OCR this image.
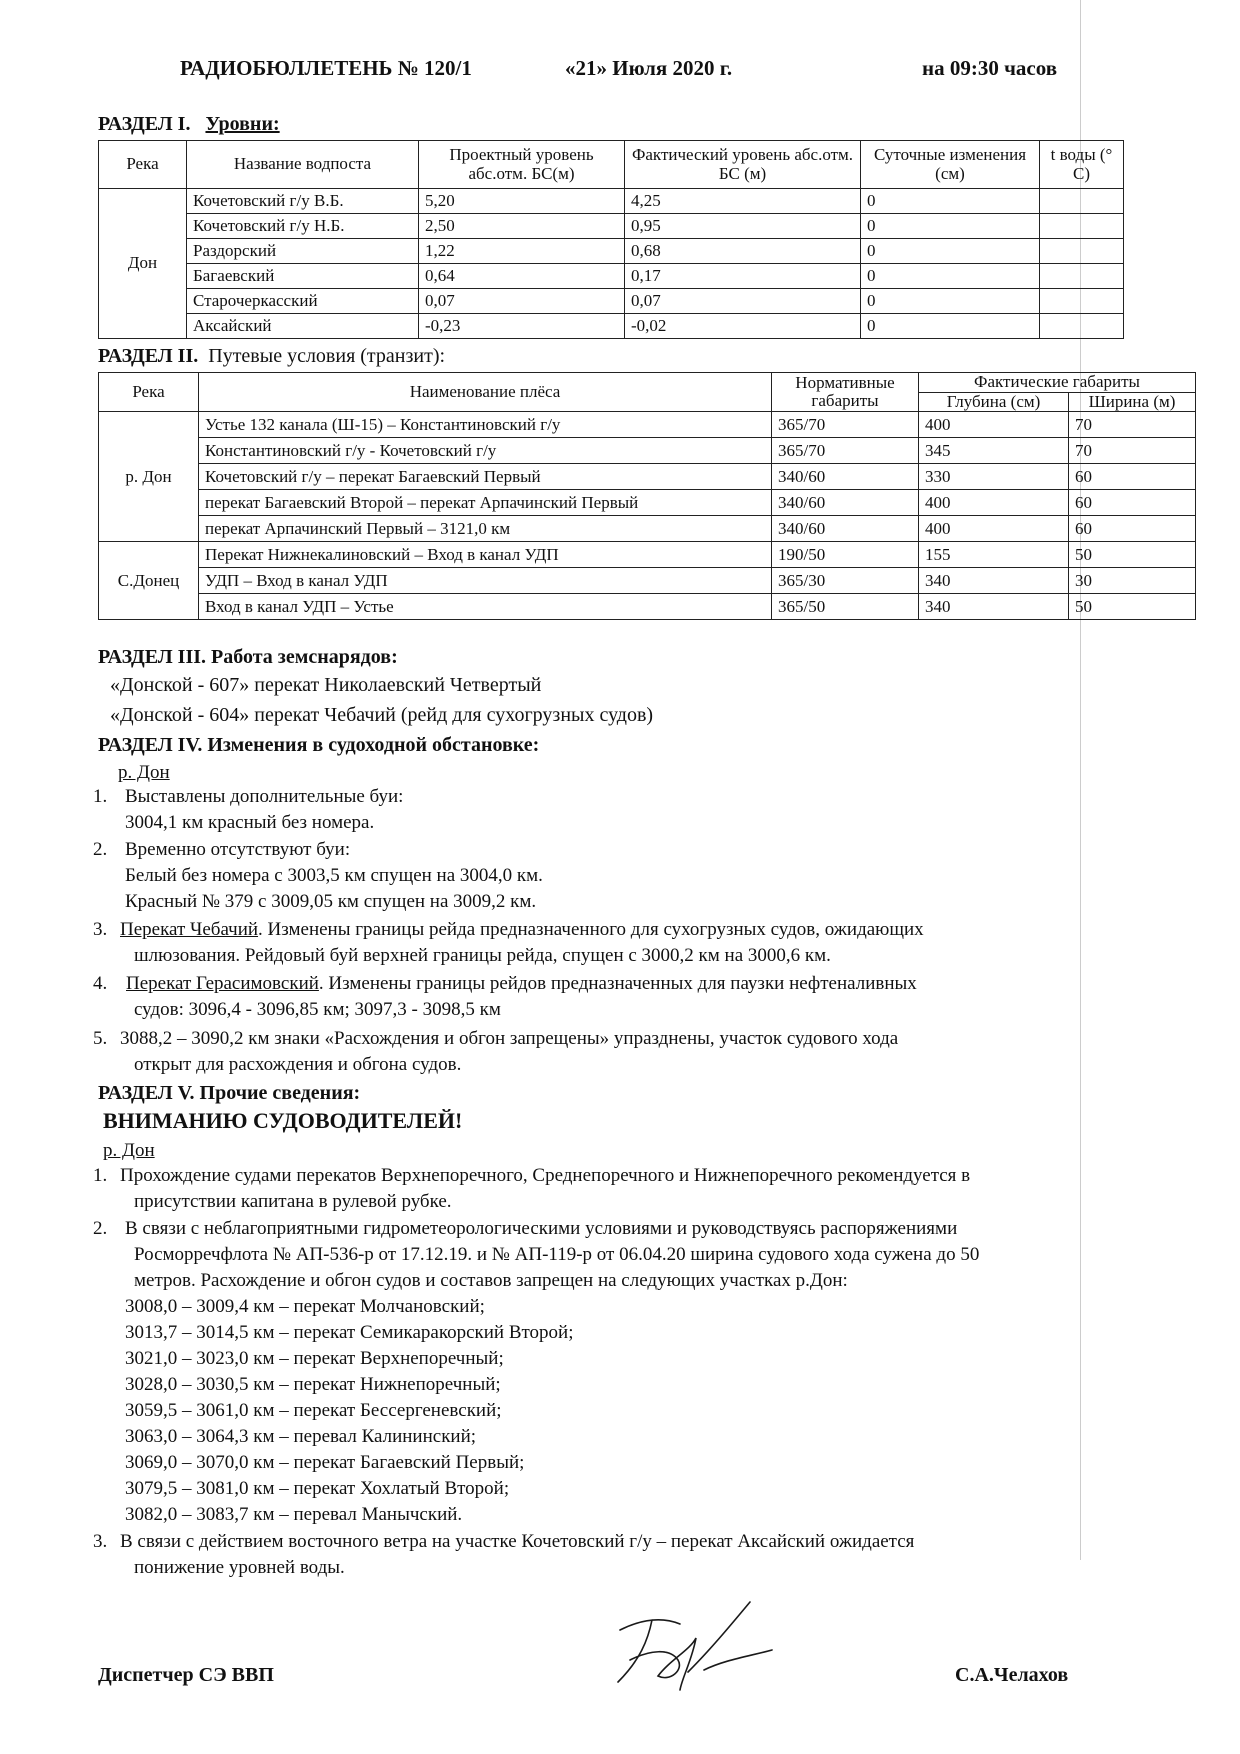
РАДИОБЮЛЛЕТЕНЬ № 120/1	«21» Июля 2020 г.	на 09:30 часов
РАЗДЕЛ I. Уровни:
Река	Название водпоста	Проектный уровень абс.отм. БС(м)	Фактический уровень абс.отм. БС (м)	Суточные изменения (см)	t воды (° С)
Дон	Кочетовский г/у В.Б.	5,20	4,25	0	
	Кочетовский г/у Н.Б.	2,50	0,95	0	
	Раздорский	1,22	0,68	0	
	Багаевский	0,64	0,17	0	
	Старочеркасский	0,07	0,07	0	
	Аксайский	-0,23	-0,02	0	
РАЗДЕЛ II. Путевые условия (транзит):
Река	Наименование плёса	Нормативные габариты	Фактические габариты	
			Глубина (см)	Ширина (м)
р. Дон	Устье 132 канала (Ш-15) – Константиновский г/у	365/70	400	70
	Константиновский г/у - Кочетовский г/у	365/70	345	70
	Кочетовский г/у – перекат Багаевский Первый	340/60	330	60
	перекат Багаевский Второй – перекат Арпачинский Первый	340/60	400	60
	перекат Арпачинский Первый – 3121,0 км	340/60	400	60
С.Донец	Перекат Нижнекалиновский – Вход в канал УДП	190/50	155	50
	УДП – Вход в канал УДП	365/30	340	30
	Вход в канал УДП – Устье	365/50	340	50
РАЗДЕЛ III. Работа земснарядов:
«Донской - 607» перекат Николаевский Четвертый
«Донской - 604» перекат Чебачий (рейд для сухогрузных судов)
РАЗДЕЛ IV. Изменения в судоходной обстановке:
р. Дон
1. Выставлены дополнительные буи:
3004,1 км красный без номера.
2. Временно отсутствуют буи:
Белый без номера с 3003,5 км спущен на 3004,0 км.
Красный № 379 с 3009,05 км спущен на 3009,2 км.
3. Перекат Чебачий. Изменены границы рейда предназначенного для сухогрузных судов, ожидающих
шлюзования. Рейдовый буй верхней границы рейда, спущен с 3000,2 км на 3000,6 км.
4. Перекат Герасимовский. Изменены границы рейдов предназначенных для паузки нефтеналивных
судов: 3096,4 - 3096,85 км; 3097,3 - 3098,5 км
5. 3088,2 – 3090,2 км знаки «Расхождения и обгон запрещены» упразднены, участок судового хода
открыт для расхождения и обгона судов.
РАЗДЕЛ V. Прочие сведения:
ВНИМАНИЮ СУДОВОДИТЕЛЕЙ!
р. Дон
1. Прохождение судами перекатов Верхнепоречного, Среднепоречного и Нижнепоречного рекомендуется в
присутствии капитана в рулевой рубке.
2. В связи с неблагоприятными гидрометеорологическими условиями и руководствуясь распоряжениями
Росморречфлота № АП-536-р от 17.12.19. и № АП-119-р от 06.04.20 ширина судового хода сужена до 50
метров. Расхождение и обгон судов и составов запрещен на следующих участках р.Дон:
3008,0 – 3009,4 км – перекат Молчановский;
3013,7 – 3014,5 км – перекат Семикаракорский Второй;
3021,0 – 3023,0 км – перекат Верхнепоречный;
3028,0 – 3030,5 км – перекат Нижнепоречный;
3059,5 – 3061,0 км – перекат Бессергеневский;
3063,0 – 3064,3 км – перевал Калининский;
3069,0 – 3070,0 км – перекат Багаевский Первый;
3079,5 – 3081,0 км – перекат Хохлатый Второй;
3082,0 – 3083,7 км – перевал Манычский.
3. В связи с действием восточного ветра на участке Кочетовский г/у – перекат Аксайский ожидается
понижение уровней воды.
Диспетчер СЭ ВВП	С.А.Челахов
